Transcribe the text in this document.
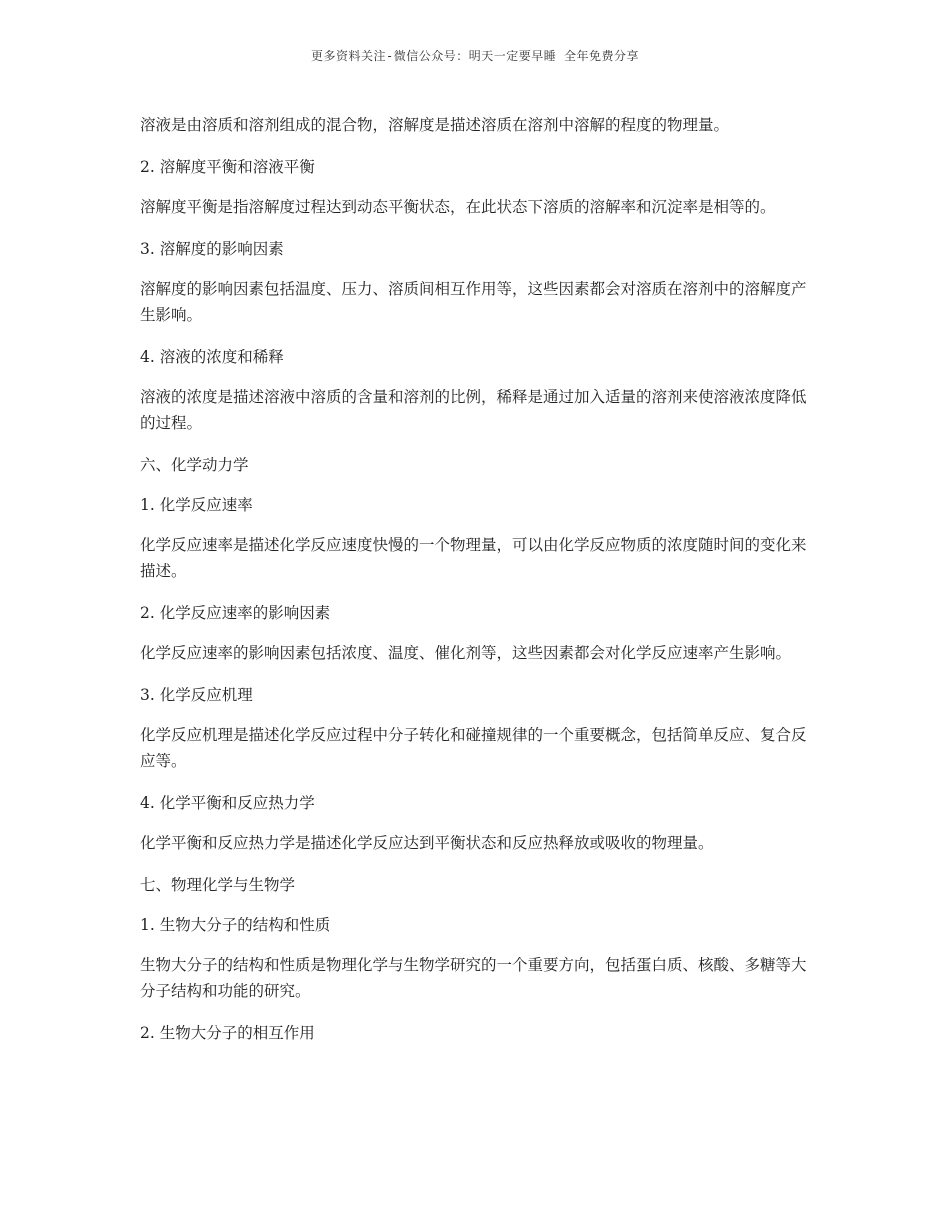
更多资料关注-微信公众号：明天一定要早睡 全年免费分享

溶液是由溶质和溶剂组成的混合物，溶解度是描述溶质在溶剂中溶解的程度的物理量。

2. 溶解度平衡和溶液平衡

溶解度平衡是指溶解度过程达到动态平衡状态，在此状态下溶质的溶解率和沉淀率是相等的。

3. 溶解度的影响因素

溶解度的影响因素包括温度、压力、溶质间相互作用等，这些因素都会对溶质在溶剂中的溶解度产生影响。

4. 溶液的浓度和稀释

溶液的浓度是描述溶液中溶质的含量和溶剂的比例，稀释是通过加入适量的溶剂来使溶液浓度降低的过程。

六、化学动力学

1. 化学反应速率

化学反应速率是描述化学反应速度快慢的一个物理量，可以由化学反应物质的浓度随时间的变化来描述。

2. 化学反应速率的影响因素

化学反应速率的影响因素包括浓度、温度、催化剂等，这些因素都会对化学反应速率产生影响。

3. 化学反应机理

化学反应机理是描述化学反应过程中分子转化和碰撞规律的一个重要概念，包括简单反应、复合反应等。

4. 化学平衡和反应热力学

化学平衡和反应热力学是描述化学反应达到平衡状态和反应热释放或吸收的物理量。

七、物理化学与生物学

1. 生物大分子的结构和性质

生物大分子的结构和性质是物理化学与生物学研究的一个重要方向，包括蛋白质、核酸、多糖等大分子结构和功能的研究。

2. 生物大分子的相互作用
